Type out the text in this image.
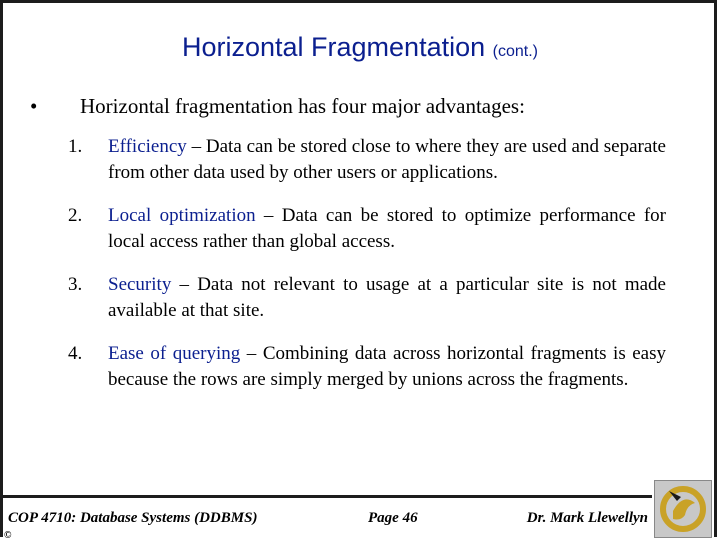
Horizontal Fragmentation (cont.)
• Horizontal fragmentation has four major advantages:
1. Efficiency – Data can be stored close to where they are used and separate from other data used by other users or applications.
2. Local optimization – Data can be stored to optimize performance for local access rather than global access.
3. Security – Data not relevant to usage at a particular site is not made available at that site.
4. Ease of querying – Combining data across horizontal fragments is easy because the rows are simply merged by unions across the fragments.
COP 4710: Database Systems (DDBMS)	Page 46	Dr. Mark Llewellyn
©
